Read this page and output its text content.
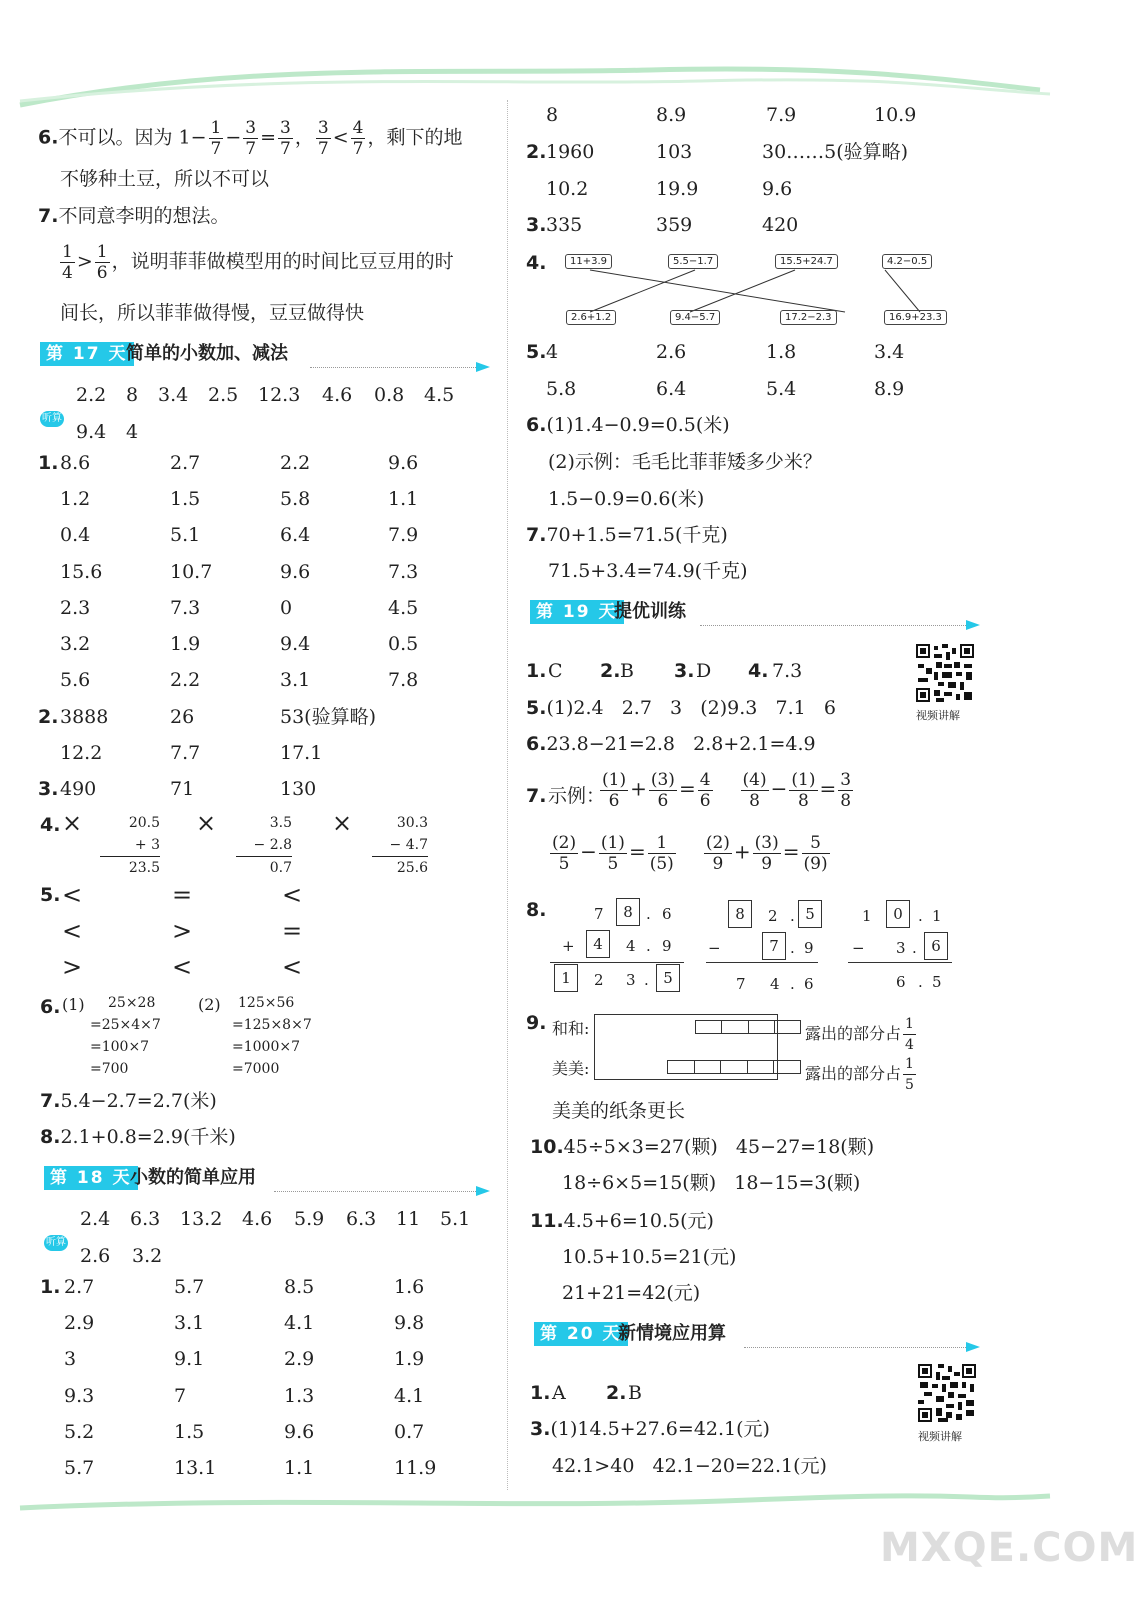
6.不可以。因为 $1- \frac{1}{7} - \frac{3}{7} = \frac{3}{7}$ ， $\frac{3}{7} < \frac{4}{7}$ ，剩下的地
不够种土豆，所以不可以
7.不同意李明的想法。
$\frac{1}{4} > \frac{1}{6}$ ，说明菲菲做模型用的时间比豆豆用的时
间长，所以菲菲做得慢，豆豆做得快
第 17 天
简单的小数加、减法
2.2 8 3.4 2.5 12.3 4.6 0.8 4.5
9.4 4
听算
1. 8.6	2.7	2.2	9.6
1.2	1.5	5.8	1.1
0.4	5.1	6.4	7.9
15.6	10.7	9.6	7.3
2.3	7.3	0	4.5
3.2	1.9	9.4	0.5
5.6	2.2	3.1	7.8
2. 3888	26	53(验算略)
12.2	7.7	17.1
3. 490	71	130
4. ×	×	×
20.5
+ 3
23.5
3.5
− 2.8
0.7
30.3
− 4.7
25.6
5. <	=	<
<	>	=
>	<	<
6. (1)	25×28
=25×4×7
=100×7
=700
(2)	125×56
=125×8×7
=1000×7
=7000
7.5.4−2.7=2.7(米)
8.2.1+0.8=2.9(千米)
第 18 天
小数的简单应用
2.4 6.3 13.2 4.6 5.9 6.3 11 5.1
2.6 3.2
听算
1. 2.7	5.7	8.5	1.6
2.9	3.1	4.1	9.8
3	9.1	2.9	1.9
9.3	7	1.3	4.1
5.2	1.5	9.6	0.7
5.7	13.1	1.1	11.9
8	8.9	7.9	10.9
2. 1960	103	30……5(验算略)
10.2	19.9	9.6
3. 335	359	420
4.	11+3.9	5.5−1.7	15.5+24.7	4.2−0.5
2.6+1.2	9.4−5.7	17.2−2.3	16.9+23.3
5. 4	2.6	1.8	3.4
5.8	6.4	5.4	8.9
6.(1)1.4−0.9=0.5(米)
(2)示例：毛毛比菲菲矮多少米？
1.5−0.9=0.6(米)
7.70+1.5=71.5(千克)
71.5+3.4=74.9(千克)
第 19 天
提优训练
视频讲解
1. C 2. B 3. D 4. 7.3
5.(1)2.4   2.7   3   (2)9.3   7.1   6
6.23.8−21=2.8   2.8+2.1=4.9
7. 示例：
$\frac{(1)}{6} + \frac{(3)}{6} = \frac{4}{6} \frac{(4)}{8} - \frac{(1)}{8} = \frac{3}{8}$
$\frac{(2)}{5} - \frac{(1)}{5} = \frac{1}{(5)} \frac{(2)}{9} + \frac{(3)}{9} = \frac{5}{(9)}$
8.	7	8 . 6
+	4	4 . 9
1	2 3 . 5
8	2 . 5
−	7 . 9
7 4 . 6
1	0	. 1
− 3 . 6
6 . 5
9. 和和:
美美:
露出的部分占 $\frac{1}{4}$
露出的部分占 $\frac{1}{5}$
美美的纸条更长
10.45÷5×3=27(颗)   45−27=18(颗)
18÷6×5=15(颗)   18−15=3(颗)
11.4.5+6=10.5(元)
10.5+10.5=21(元)
21+21=42(元)
第 20 天
新情境应用算
视频讲解
1. A 2. B
3.(1)14.5+27.6=42.1(元)
42.1>40   42.1−20=22.1(元)
MXQE.COM
